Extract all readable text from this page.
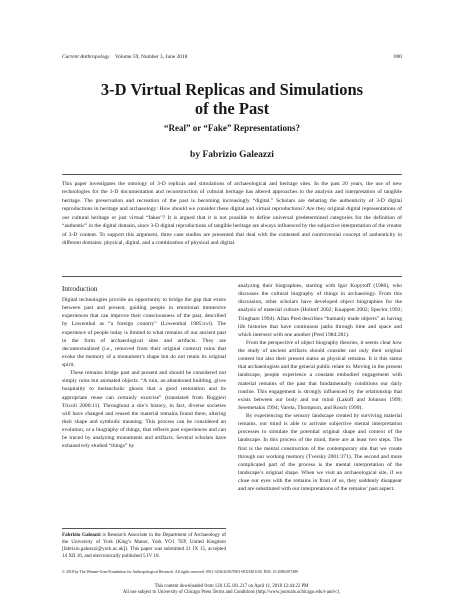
Current Anthropology Volume 59, Number 3, June 2018	000
3-D Virtual Replicas and Simulations
of the Past
“Real” or “Fake” Representations?
by Fabrizio Galeazzi
This paper investigates the ontology of 3-D replicas and simulations of archaeological and heritage sites. In the past 20 years, the use of new technologies for the 3-D documentation and reconstruction of cultural heritage has altered approaches to the analysis and interpretation of tangible heritage. The preservation and recreation of the past is becoming increasingly “digital.” Scholars are debating the authenticity of 3-D digital reproductions in heritage and archaeology: How should we consider these digital and virtual reproductions? Are they original digital representations of our cultural heritage or just virtual “fakes”? It is argued that it is not possible to define universal predetermined categories for the definition of “authentic” in the digital domain, since 3-D digital reproductions of tangible heritage are always influenced by the subjective interpretation of the creator of 3-D content. To support this argument, three case studies are presented that deal with the contested and controversial concept of authenticity in different domains: physical, digital, and a combination of physical and digital.
Introduction

Digital technologies provide an opportunity to bridge the gap that exists between past and present, guiding people in emotional immersive experiences that can improve their consciousness of the past, described by Lowenthal as “a foreign country” (Lowenthal 1985:xvi). The experience of people today is limited to what remains of our ancient past in the form of archaeological sites and artifacts. They are decontextualized (i.e., removed from their original context) ruins that evoke the memory of a monument’s shape but do not retain its original spirit.

These remains bridge past and present and should be considered not simply ruins but animated objects. “A ruin, an abandoned building, gives hospitality to melancholic ghosts that a good restoration and its appropriate reuse can certainly exorcise” (translated from Ruggieri Tricoli 2000:11). Throughout a site’s history, in fact, diverse societies will have changed and reused the material remains found there, altering their shape and symbolic meaning. This process can be considered an evolution, or a biography of things, that reflects past experiences and can be traced by analyzing monuments and artifacts. Several scholars have exhaustively studied “things” by

analyzing their biographies, starting with Igor Kopytoff (1986), who discusses the cultural biography of things in archaeology. From this discussion, other scholars have developed object biographies for the analysis of material culture (Holtorf 2002; Knappett 2002; Spector 1993; Tringham 1994). Allan Pred describes “humanly made objects” as having life histories that have continuous paths through time and space and which intersect with one another (Pred 1984:281).

From the perspective of object biography theories, it seems clear how the study of ancient artifacts should consider not only their original content but also their present status as physical remains. It is this status that archaeologists and the general public relate to. Moving in the present landscape, people experience a constant embodied engagement with material remains of the past that fundamentally conditions our daily routine. This engagement is strongly influenced by the relationship that exists between our body and our mind (Lakoff and Johnson 1999; Seremetakis 1994; Varela, Thompson, and Rosch 1999).

By experiencing the sensory landscape created by surviving material remains, our mind is able to activate subjective mental interpretation processes to simulate the potential original shape and context of the landscape. In this process of the mind, there are at least two steps. The first is the mental construction of the contemporary site that we create through our working memory (Tversky 2001:371). The second and more complicated part of the process is the mental interpretation of the landscape’s original shape. When we visit an archaeological site, if we close our eyes with the remains in front of us, they suddenly disappear and are substituted with our interpretations of the remains’ past aspect.

Fabrizio Galeazzi is Research Associate in the Department of Archaeology of the University of York (King’s Manor, York YO1 7EP, United Kingdom [fabrizio.galeazzi@york.ac.uk]). This paper was submitted 21 IX 15, accepted 14 XII 16, and electronically published 5 IV 18.
© 2018 by The Wenner-Gren Foundation for Anthropological Research. All rights reserved. 0011-3204/2018/5903-00XX$10.00. DOI: 10.1086/697489
This content downloaded from 128.135.181.217 on April 11, 2018 12:44:22 PM
All use subject to University of Chicago Press Terms and Conditions (http://www.journals.uchicago.edu/t-and-c).
